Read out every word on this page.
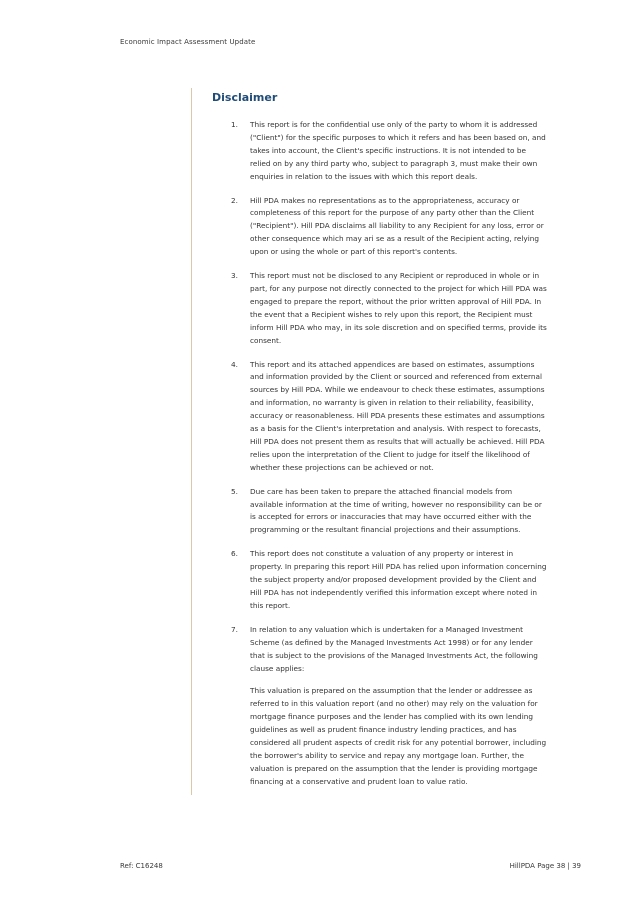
Economic Impact Assessment Update
Disclaimer
1. This report is for the confidential use only of the party to whom it is addressed ("Client") for the specific purposes to which it refers and has been based on, and takes into account, the Client's specific instructions. It is not intended to be relied on by any third party who, subject to paragraph 3, must make their own enquiries in relation to the issues with which this report deals.

2. Hill PDA makes no representations as to the appropriateness, accuracy or completeness of this report for the purpose of any party other than the Client ("Recipient"). Hill PDA disclaims all liability to any Recipient for any loss, error or other consequence which may ari se as a result of the Recipient acting, relying upon or using the whole or part of this report's contents.

3. This report must not be disclosed to any Recipient or reproduced in whole or in part, for any purpose not directly connected to the project for which Hill PDA was engaged to prepare the report, without the prior written approval of Hill PDA. In the event that a Recipient wishes to rely upon this report, the Recipient must inform Hill PDA who may, in its sole discretion and on specified terms, provide its consent.

4. This report and its attached appendices are based on estimates, assumptions and information provided by the Client or sourced and referenced from external sources by Hill PDA. While we endeavour to check these estimates, assumptions and information, no warranty is given in relation to their reliability, feasibility, accuracy or reasonableness. Hill PDA presents these estimates and assumptions as a basis for the Client's interpretation and analysis. With respect to forecasts, Hill PDA does not present them as results that will actually be achieved. Hill PDA relies upon the interpretation of the Client to judge for itself the likelihood of whether these projections can be achieved or not.

5. Due care has been taken to prepare the attached financial models from available information at the time of writing, however no responsibility can be or is accepted for errors or inaccuracies that may have occurred either with the programming or the resultant financial projections and their assumptions.

6. This report does not constitute a valuation of any property or interest in property. In preparing this report Hill PDA has relied upon information concerning the subject property and/or proposed development provided by the Client and Hill PDA has not independently verified this information except where noted in this report.

7. In relation to any valuation which is undertaken for a Managed Investment Scheme (as defined by the Managed Investments Act 1998) or for any lender that is subject to the provisions of the Managed Investments Act, the following clause applies:

This valuation is prepared on the assumption that the lender or addressee as referred to in this valuation report (and no other) may rely on the valuation for mortgage finance purposes and the lender has complied with its own lending guidelines as well as prudent finance industry lending practices, and has considered all prudent aspects of credit risk for any potential borrower, including the borrower's ability to service and repay any mortgage loan. Further, the valuation is prepared on the assumption that the lender is providing mortgage financing at a conservative and prudent loan to value ratio.

Ref: C16248	HillPDA Page 38 | 39
